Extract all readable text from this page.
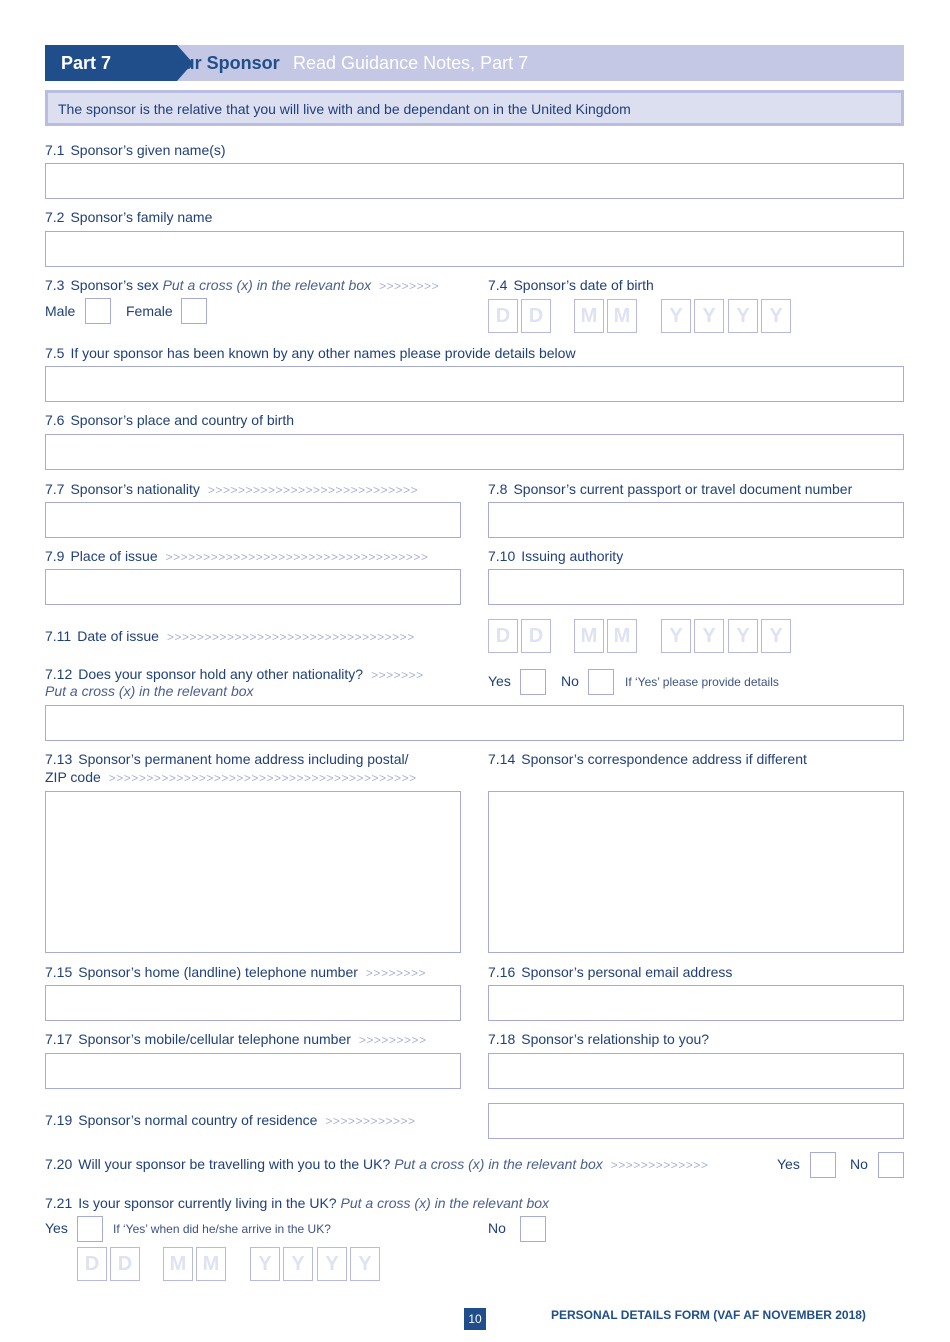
Part 7	Your Sponsor Read Guidance Notes, Part 7
The sponsor is the relative that you will live with and be dependant on in the United Kingdom
7.1 Sponsor’s given name(s)
7.2 Sponsor’s family name
7.3 Sponsor’s sex Put a cross (x) in the relevant box >>>>>>>>
Male	Female
7.4 Sponsor’s date of birth
D D	M M	Y Y	Y Y
7.5 If your sponsor has been known by any other names please provide details below
7.6 Sponsor’s place and country of birth
7.7 Sponsor’s nationality >>>>>>>>>>>>>>>>>>>>>>>>>>>>	7.8 Sponsor’s current passport or travel document number
7.9 Place of issue >>>>>>>>>>>>>>>>>>>>>>>>>>>>>>>>>>>	7.10 Issuing authority
7.11 Date of issue >>>>>>>>>>>>>>>>>>>>>>>>>>>>>>>>>	D D	M M	Y Y	Y Y
7.12 Does your sponsor hold any other nationality? >>>>>>>
Put a cross (x) in the relevant box
Yes	No	If ‘Yes’ please provide details
7.13 Sponsor’s permanent home address including postal/
ZIP code >>>>>>>>>>>>>>>>>>>>>>>>>>>>>>>>>>>>>>>>>
7.14 Sponsor’s correspondence address if different
7.15 Sponsor’s home (landline) telephone number >>>>>>>>	7.16 Sponsor’s personal email address
7.17 Sponsor’s mobile/cellular telephone number >>>>>>>>>	7.18 Sponsor’s relationship to you?
7.19 Sponsor’s normal country of residence >>>>>>>>>>>>
7.20 Will your sponsor be travelling with you to the UK? Put a cross (x) in the relevant box >>>>>>>>>>>>>	Yes	No
7.21 Is your sponsor currently living in the UK? Put a cross (x) in the relevant box
Yes	If ‘Yes’ when did he/she arrive in the UK?	No
D D	M M	Y Y	Y Y
10	PERSONAL DETAILS FORM (VAF AF NOVEMBER 2018)
